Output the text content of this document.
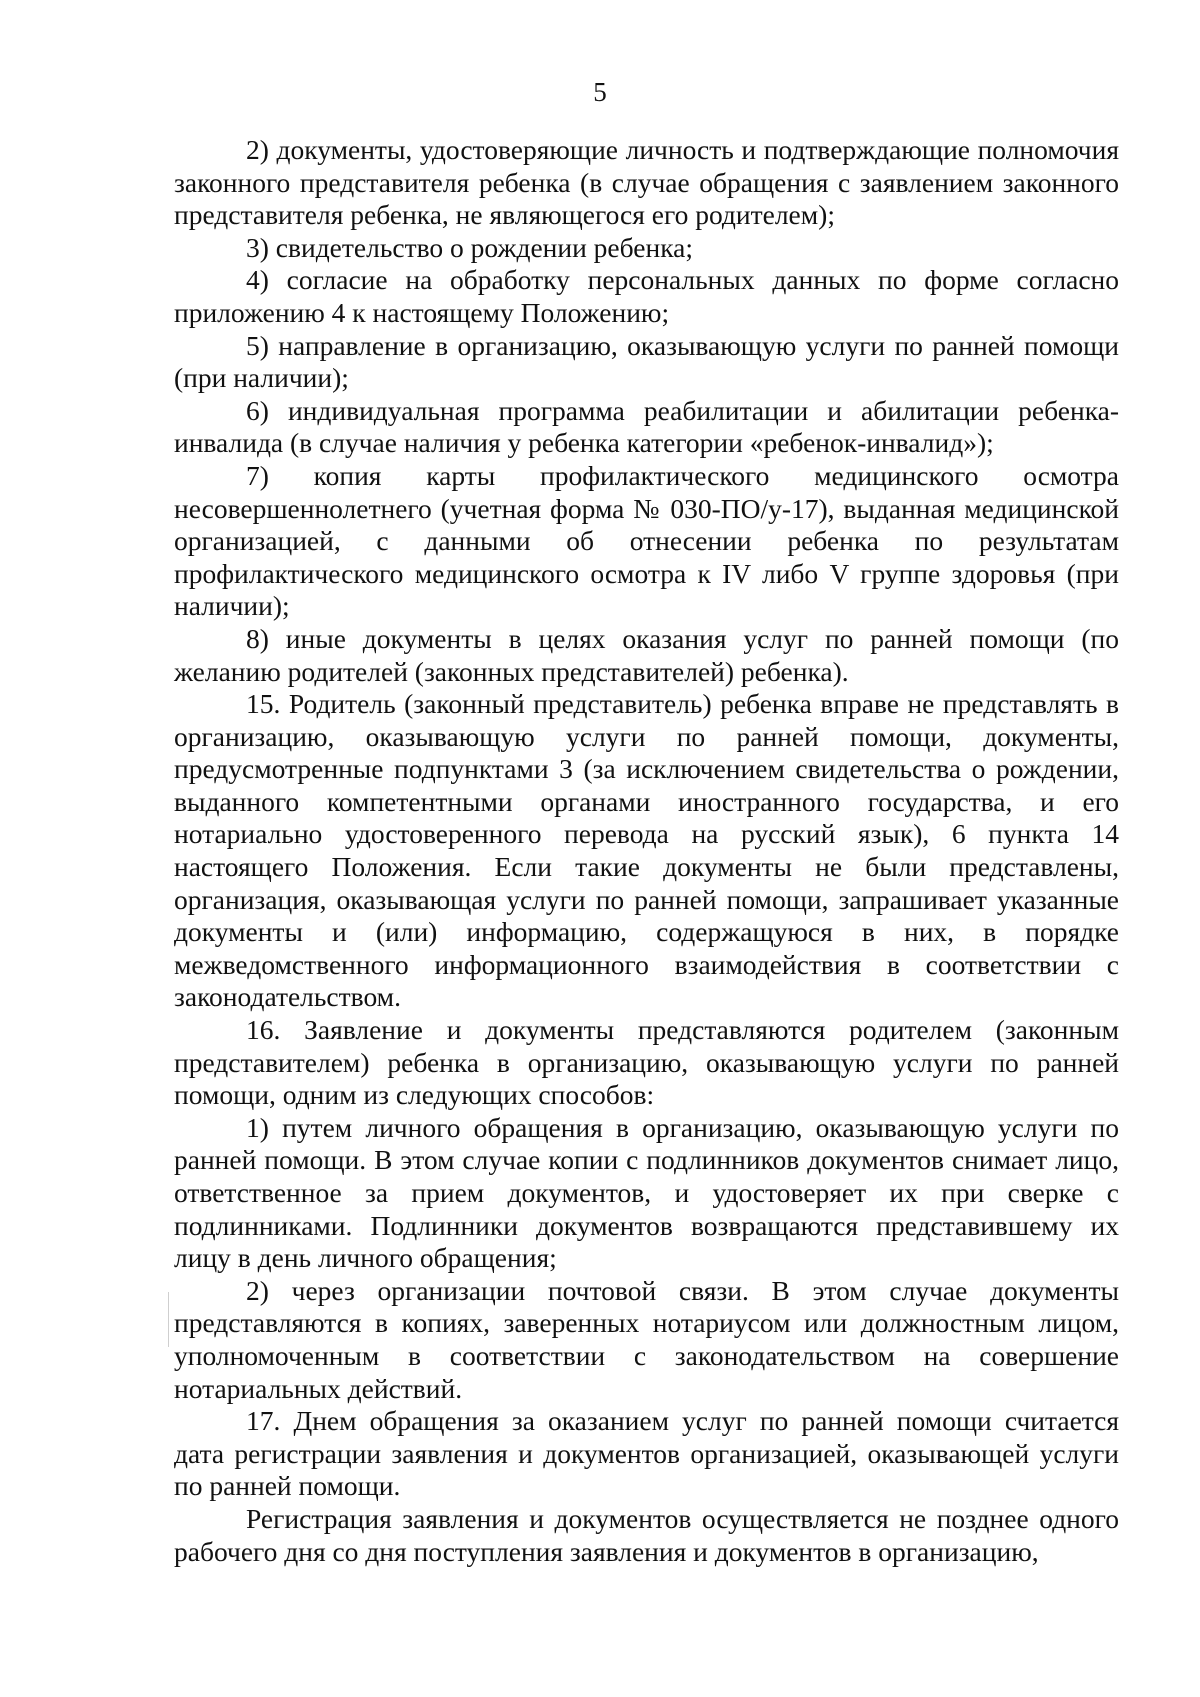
5

2) документы, удостоверяющие личность и подтверждающие полномочия законного представителя ребенка (в случае обращения с заявлением законного представителя ребенка, не являющегося его родителем);

3) свидетельство о рождении ребенка;

4) согласие на обработку персональных данных по форме согласно приложению 4 к настоящему Положению;

5) направление в организацию, оказывающую услуги по ранней помощи (при наличии);

6) индивидуальная программа реабилитации и абилитации ребенка-инвалида (в случае наличия у ребенка категории «ребенок-инвалид»);

7) копия карты профилактического медицинского осмотра несовершеннолетнего (учетная форма № 030-ПО/у-17), выданная медицинской организацией, с данными об отнесении ребенка по результатам профилактического медицинского осмотра к IV либо V группе здоровья (при наличии);

8) иные документы в целях оказания услуг по ранней помощи (по желанию родителей (законных представителей) ребенка).

15. Родитель (законный представитель) ребенка вправе не представлять в организацию, оказывающую услуги по ранней помощи, документы, предусмотренные подпунктами 3 (за исключением свидетельства о рождении, выданного компетентными органами иностранного государства, и его нотариально удостоверенного перевода на русский язык), 6 пункта 14 настоящего Положения. Если такие документы не были представлены, организация, оказывающая услуги по ранней помощи, запрашивает указанные документы и (или) информацию, содержащуюся в них, в порядке межведомственного информационного взаимодействия в соответствии с законодательством.

16. Заявление и документы представляются родителем (законным представителем) ребенка в организацию, оказывающую услуги по ранней помощи, одним из следующих способов:

1) путем личного обращения в организацию, оказывающую услуги по ранней помощи. В этом случае копии с подлинников документов снимает лицо, ответственное за прием документов, и удостоверяет их при сверке с подлинниками. Подлинники документов возвращаются представившему их лицу в день личного обращения;

2) через организации почтовой связи. В этом случае документы представляются в копиях, заверенных нотариусом или должностным лицом, уполномоченным в соответствии с законодательством на совершение нотариальных действий.

17. Днем обращения за оказанием услуг по ранней помощи считается дата регистрации заявления и документов организацией, оказывающей услуги по ранней помощи.

Регистрация заявления и документов осуществляется не позднее одного рабочего дня со дня поступления заявления и документов в организацию,
